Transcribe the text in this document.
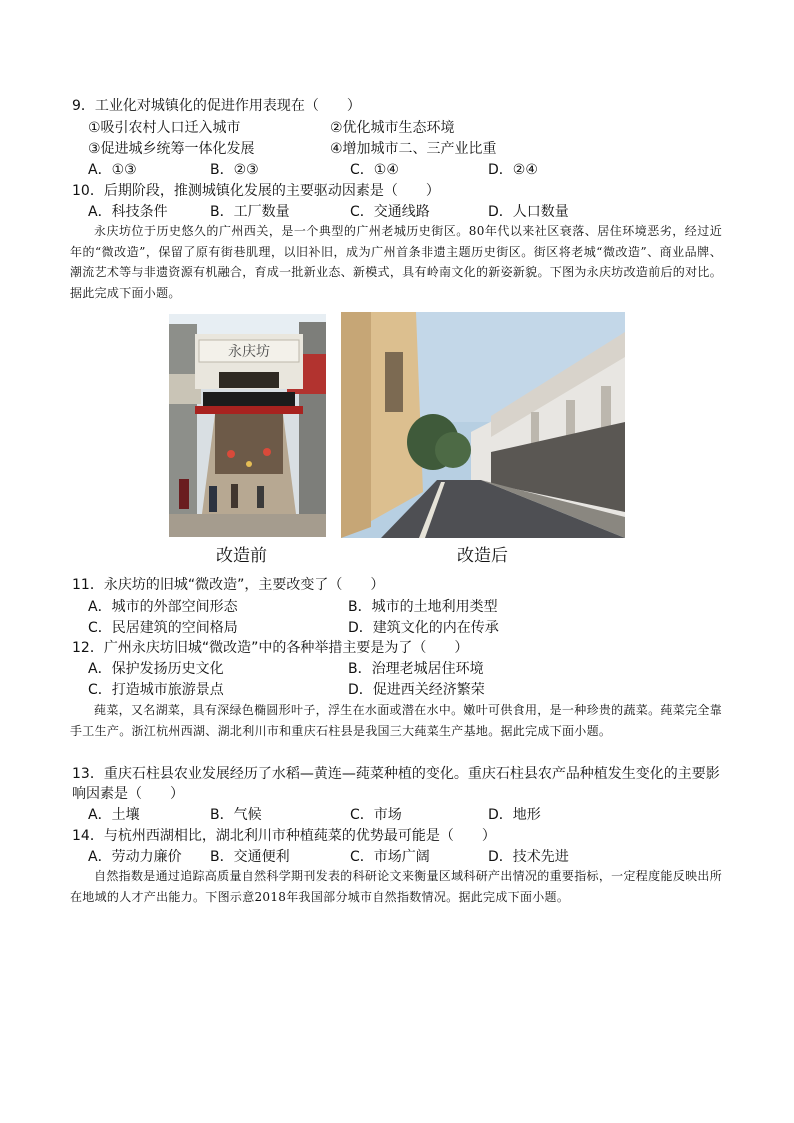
9．工业化对城镇化的促进作用表现在（　　）
①吸引农村人口迁入城市	②优化城市生态环境
③促进城乡统筹一体化发展	④增加城市二、三产业比重
A．①③	B．②③	C．①④	D．②④
10．后期阶段，推测城镇化发展的主要驱动因素是（　　）
A．科技条件	B．工厂数量	C．交通线路	D．人口数量
永庆坊位于历史悠久的广州西关，是一个典型的广州老城历史街区。80年代以来社区衰落、居住环境恶劣，经过近年的“微改造”，保留了原有街巷肌理，以旧补旧，成为广州首条非遗主题历史街区。街区将老城“微改造”、商业品牌、潮流艺术等与非遗资源有机融合，育成一批新业态、新模式，具有岭南文化的新姿新貌。下图为永庆坊改造前后的对比。据此完成下面小题。
永庆坊
改造前	改造后
11．永庆坊的旧城“微改造”，主要改变了（　　）
A．城市的外部空间形态	B．城市的土地利用类型
C．民居建筑的空间格局	D．建筑文化的内在传承
12．广州永庆坊旧城“微改造”中的各种举措主要是为了（　　）
A．保护发扬历史文化	B．治理老城居住环境
C．打造城市旅游景点	D．促进西关经济繁荣
莼菜，又名湖菜，具有深绿色椭圆形叶子，浮生在水面或潜在水中。嫩叶可供食用，是一种珍贵的蔬菜。莼菜完全靠手工生产。浙江杭州西湖、湖北利川市和重庆石柱县是我国三大莼菜生产基地。据此完成下面小题。
13．重庆石柱县农业发展经历了水稻—黄连—莼菜种植的变化。重庆石柱县农产品种植发生变化的主要影
响因素是（　　）
A．土壤	B．气候	C．市场	D．地形
14．与杭州西湖相比，湖北利川市种植莼菜的优势最可能是（　　）
A．劳动力廉价 B．交通便利	C．市场广阔	D．技术先进
自然指数是通过追踪高质量自然科学期刊发表的科研论文来衡量区域科研产出情况的重要指标，一定程度能反映出所在地域的人才产出能力。下图示意2018年我国部分城市自然指数情况。据此完成下面小题。
